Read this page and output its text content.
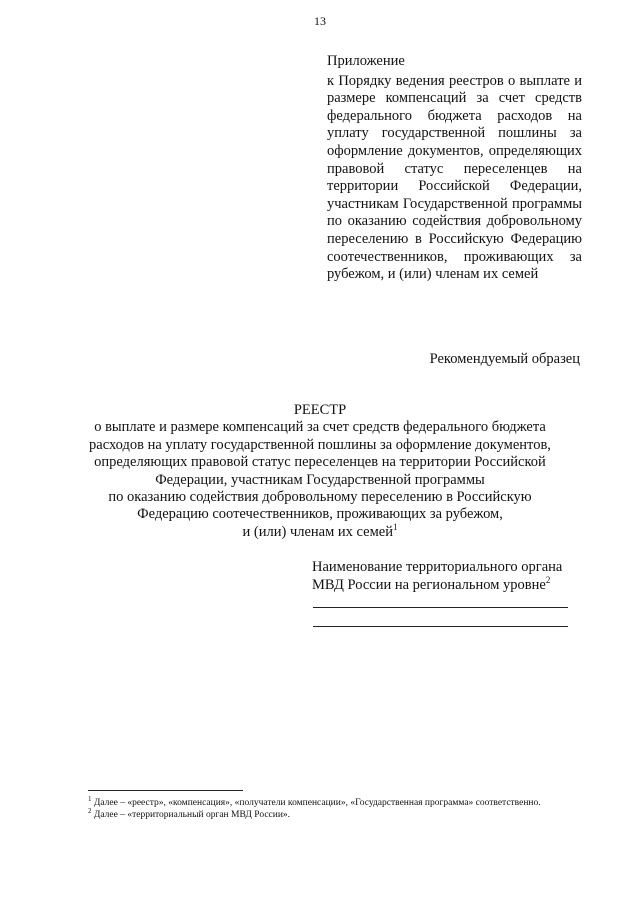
13

Приложение

к Порядку ведения реестров о выплате и размере компенсаций за счет средств федерального бюджета расходов на уплату государственной пошлины за оформление документов, определяющих правовой статус переселенцев на территории Российской Федерации, участникам Государственной программы по оказанию содействия добровольному переселению в Российскую Федерацию соотечественников, проживающих за рубежом, и (или) членам их семей

Рекомендуемый образец

РЕЕСТР

о выплате и размере компенсаций за счет средств федерального бюджета
расходов на уплату государственной пошлины за оформление документов,
определяющих правовой статус переселенцев на территории Российской
Федерации, участникам Государственной программы
по оказанию содействия добровольному переселению в Российскую
Федерацию соотечественников, проживающих за рубежом,
и (или) членам их семей$^1$
Наименование территориального органа
МВД России на региональном уровне$^2$

$^1$ Далее – «реестр», «компенсация», «получатели компенсации», «Государственная программа» соответственно.

$^2$ Далее – «территориальный орган МВД России».
